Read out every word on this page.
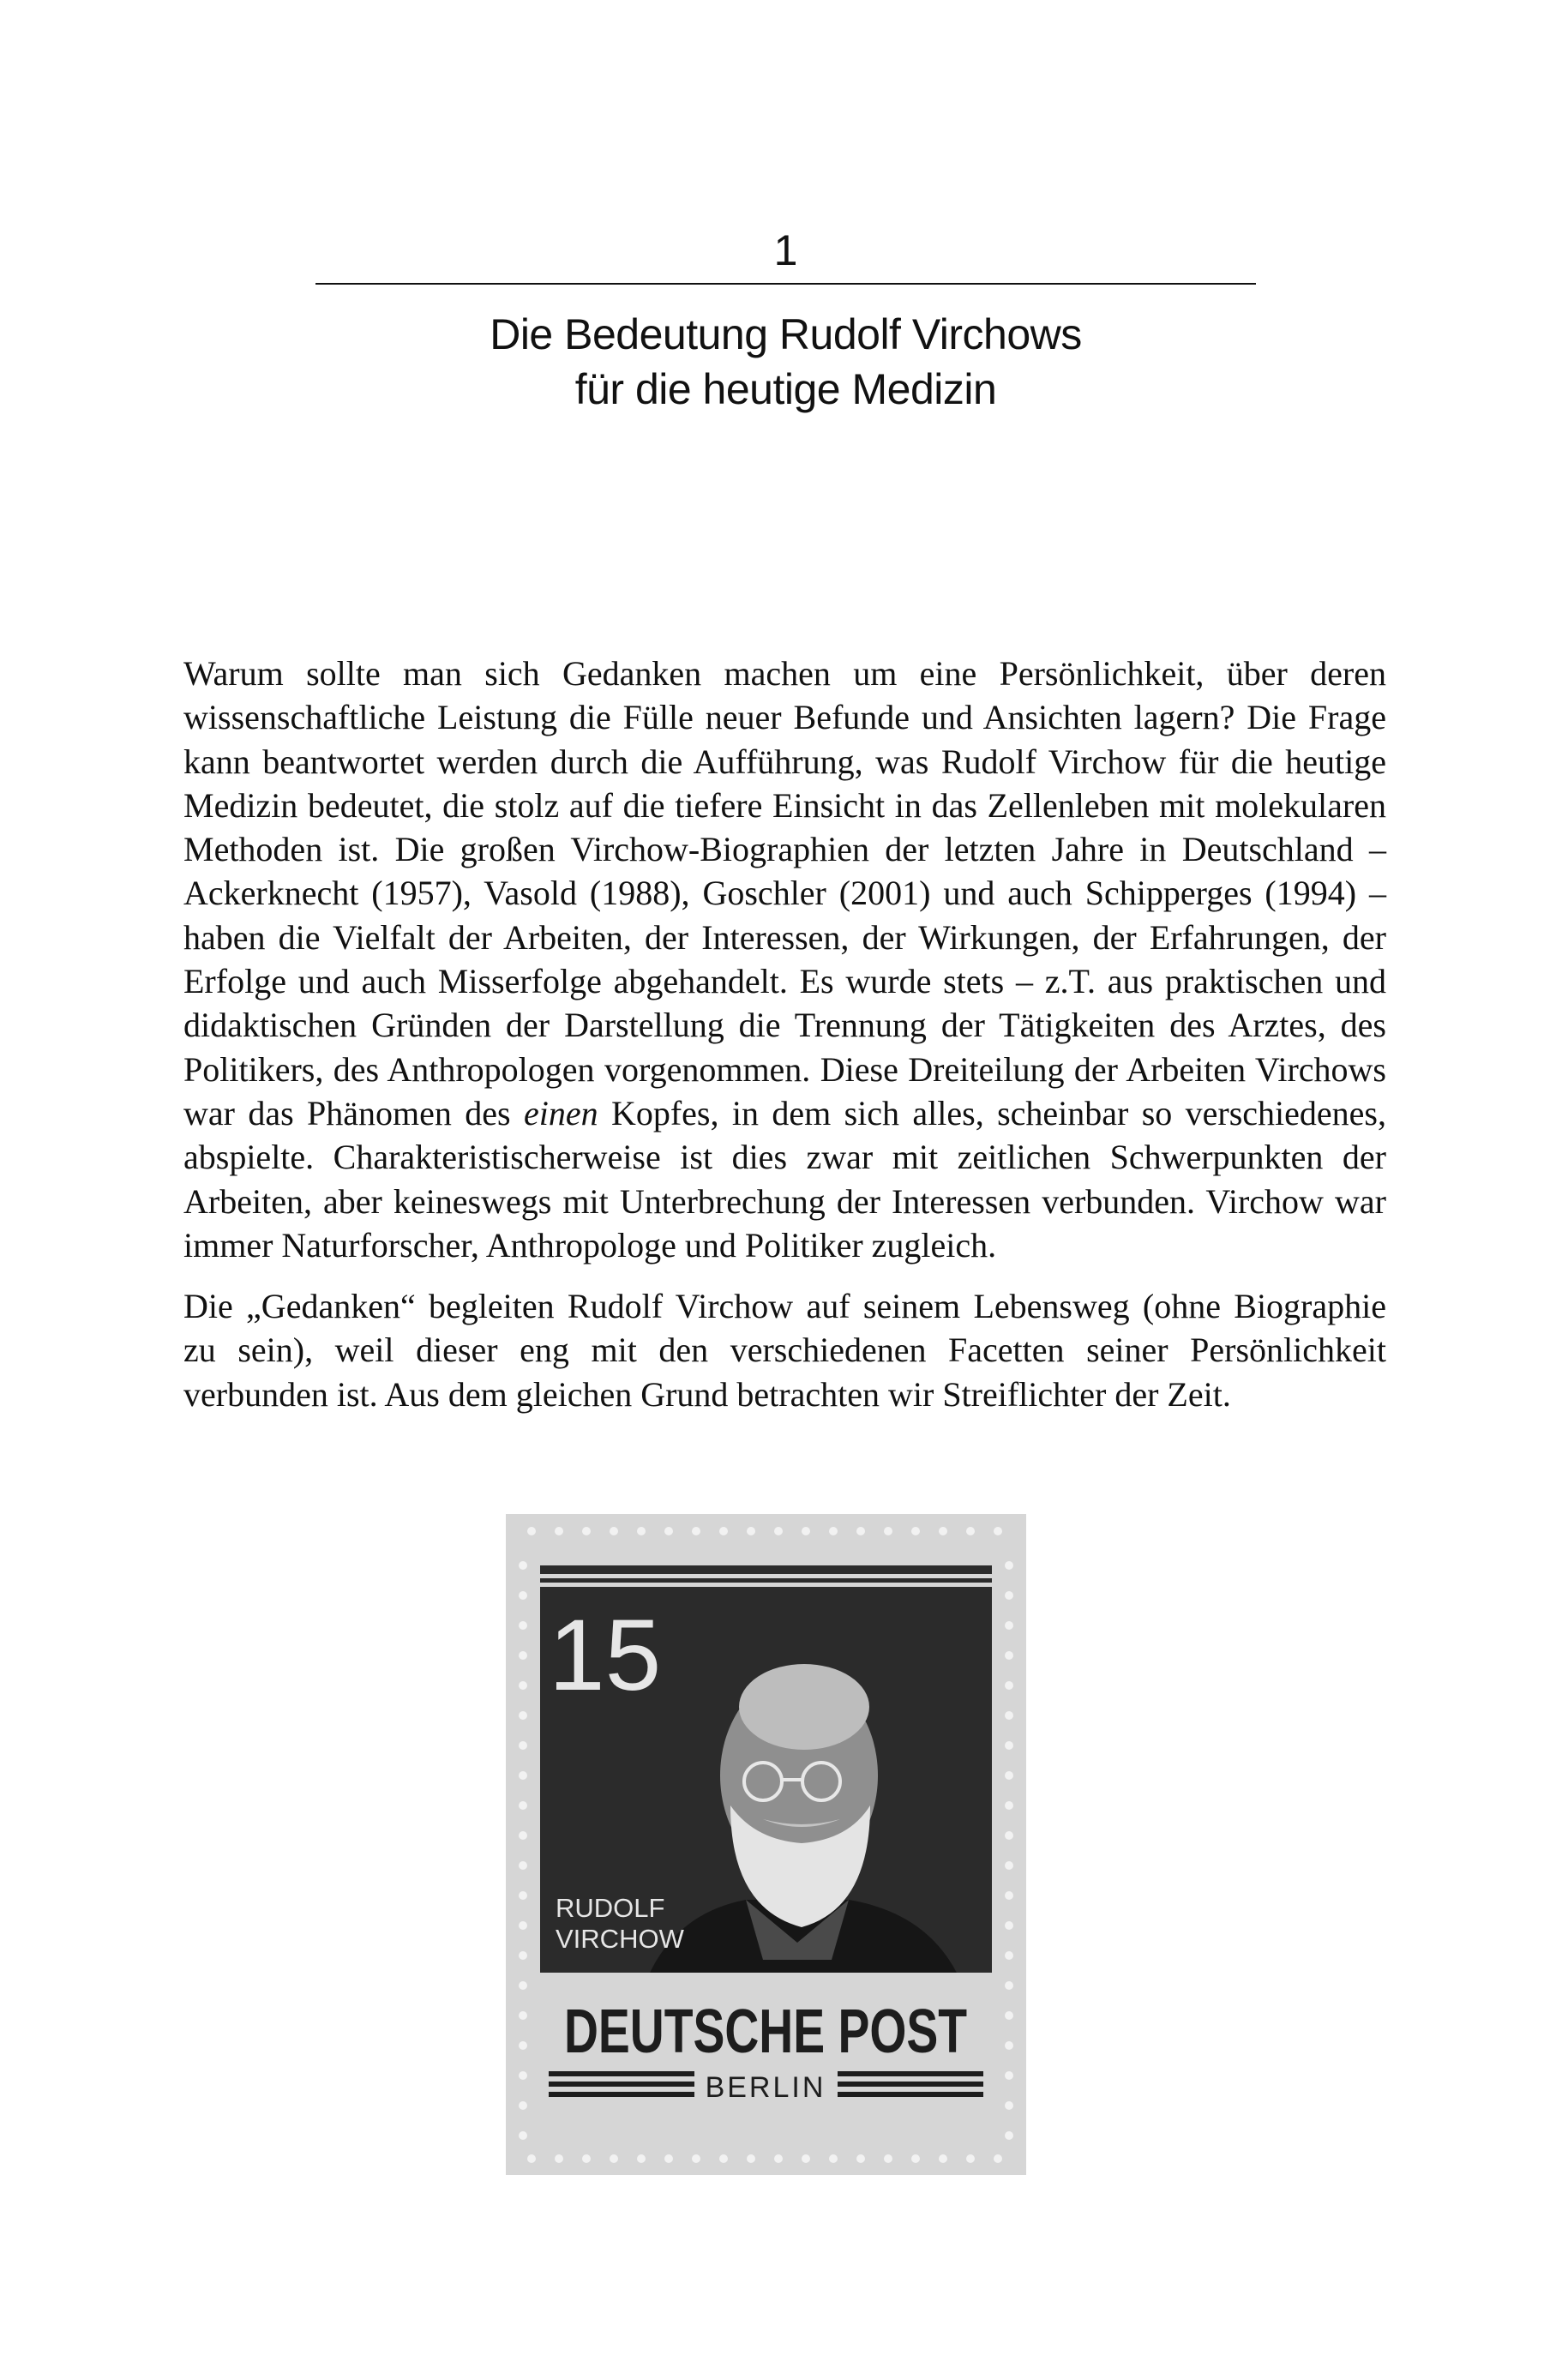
1
Die Bedeutung Rudolf Virchows
für die heutige Medizin

Warum sollte man sich Gedanken machen um eine Persönlichkeit, über deren wissenschaftliche Leistung die Fülle neuer Befunde und Ansichten lagern? Die Frage kann beantwortet werden durch die Aufführung, was Rudolf Virchow für die heutige Medizin bedeutet, die stolz auf die tiefere Einsicht in das Zellenleben mit molekularen Methoden ist. Die großen Virchow-Biographien der letzten Jahre in Deutschland – Ackerknecht (1957), Vasold (1988), Goschler (2001) und auch Schipperges (1994) – haben die Vielfalt der Arbeiten, der Interessen, der Wirkungen, der Erfahrungen, der Erfolge und auch Misserfolge abgehandelt. Es wurde stets – z.T. aus praktischen und didaktischen Gründen der Darstellung die Trennung der Tätigkeiten des Arztes, des Politikers, des Anthropologen vorgenommen. Diese Dreiteilung der Arbeiten Virchows war das Phänomen des einen Kopfes, in dem sich alles, scheinbar so verschiedenes, abspielte. Charakteristischerweise ist dies zwar mit zeitlichen Schwerpunkten der Arbeiten, aber keineswegs mit Unterbrechung der Interessen verbunden. Virchow war immer Naturforscher, Anthropologe und Politiker zugleich.

Die „Gedanken“ begleiten Rudolf Virchow auf seinem Lebensweg (ohne Biographie zu sein), weil dieser eng mit den verschiedenen Facetten seiner Persönlichkeit verbunden ist. Aus dem gleichen Grund betrachten wir Streiflichter der Zeit.

15
RUDOLF
VIRCHOW
DEUTSCHE POST
BERLIN
